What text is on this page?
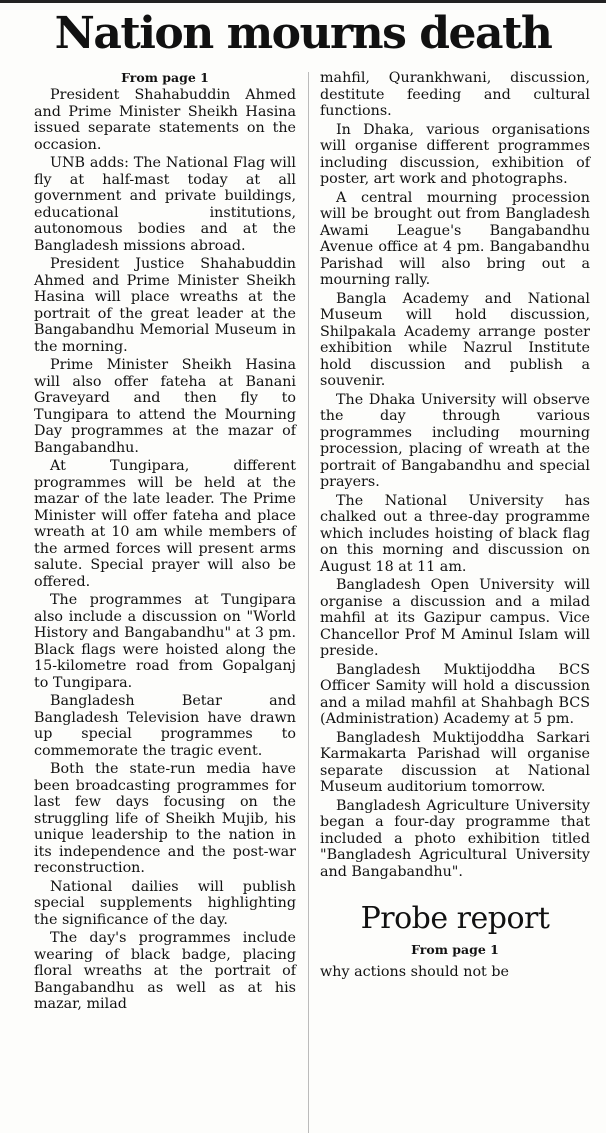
Nation mourns death
From page 1

President Shahabuddin Ahmed and Prime Minister Sheikh Hasina issued separate statements on the occasion.

UNB adds: The National Flag will fly at half-mast today at all government and private buildings, educational institutions, autonomous bodies and at the Bangladesh missions abroad.

President Justice Shahabuddin Ahmed and Prime Minister Sheikh Hasina will place wreaths at the portrait of the great leader at the Bangabandhu Memorial Museum in the morning.

Prime Minister Sheikh Hasina will also offer fateha at Banani Graveyard and then fly to Tungipara to attend the Mourning Day programmes at the mazar of Bangabandhu.

At Tungipara, different programmes will be held at the mazar of the late leader. The Prime Minister will offer fateha and place wreath at 10 am while members of the armed forces will present arms salute. Special prayer will also be offered.

The programmes at Tungipara also include a discussion on "World History and Bangabandhu" at 3 pm. Black flags were hoisted along the 15-kilometre road from Gopalganj to Tungipara.

Bangladesh Betar and Bangladesh Television have drawn up special programmes to commemorate the tragic event.

Both the state-run media have been broadcasting programmes for last few days focusing on the struggling life of Sheikh Mujib, his unique leadership to the nation in its independence and the post-war reconstruction.

National dailies will publish special supplements highlighting the significance of the day.

The day's programmes include wearing of black badge, placing floral wreaths at the portrait of Bangabandhu as well as at his mazar, milad

mahfil, Qurankhwani, discussion, destitute feeding and cultural functions.

In Dhaka, various organisations will organise different programmes including discussion, exhibition of poster, art work and photographs.

A central mourning procession will be brought out from Bangladesh Awami League's Bangabandhu Avenue office at 4 pm. Bangabandhu Parishad will also bring out a mourning rally.

Bangla Academy and National Museum will hold discussion, Shilpakala Academy arrange poster exhibition while Nazrul Institute hold discussion and publish a souvenir.

The Dhaka University will observe the day through various programmes including mourning procession, placing of wreath at the portrait of Bangabandhu and special prayers.

The National University has chalked out a three-day programme which includes hoisting of black flag on this morning and discussion on August 18 at 11 am.

Bangladesh Open University will organise a discussion and a milad mahfil at its Gazipur campus. Vice Chancellor Prof M Aminul Islam will preside.

Bangladesh Muktijoddha BCS Officer Samity will hold a discussion and a milad mahfil at Shahbagh BCS (Administration) Academy at 5 pm.

Bangladesh Muktijoddha Sarkari Karmakarta Parishad will organise separate discussion at National Museum auditorium tomorrow.

Bangladesh Agriculture University began a four-day programme that included a photo exhibition titled "Bangladesh Agricultural University and Bangabandhu".

Probe report
From page 1

why actions should not be
